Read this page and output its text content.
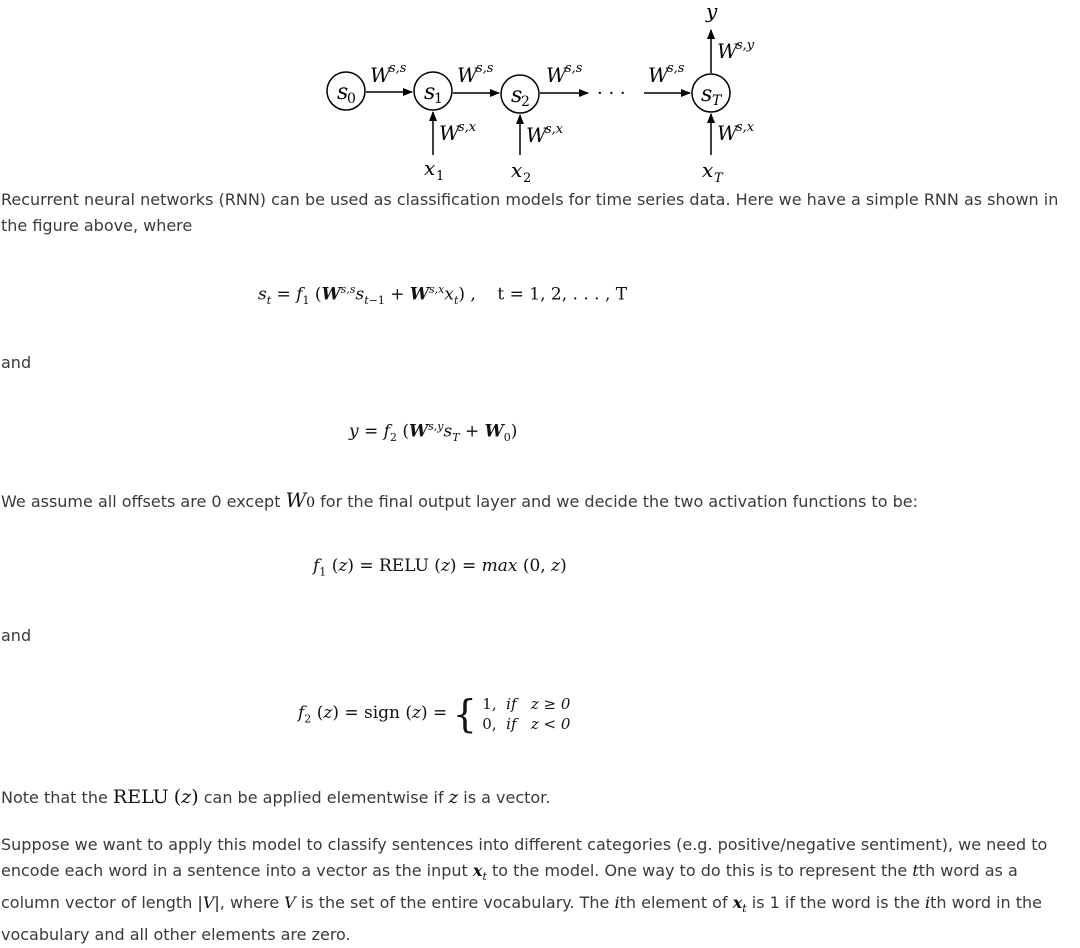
s
0	s
1	s
2	s T
· · ·
W
s,s	W
s,s	W
s,s	W
s,s
W
s,x W
s,x	W
s,x
x 1	x 2	x T
W
s,y
y

Recurrent neural networks (RNN) can be used as classification models for time series data. Here we have a simple RNN as shown in the figure above, where

$s_t = f_1$ $(W^{s,s}s_{t-1} + W^{s,x}x_t)$ ,    t = 1, 2, . . . , T

and

$y = f_2$ $(W^{s,y}s_T + W_0)$

We assume all offsets are 0 except W0 for the final output layer and we decide the two activation functions to be:

$f_1$ (z) = RELU (z) = max (0, z)

and

$f_2$ (z) = sign (z) = { 1, if z ≥ 0
0, if z < 0

Note that the RELU (z) can be applied elementwise if z is a vector.

Suppose we want to apply this model to classify sentences into different categories (e.g. positive/negative sentiment), we need to encode each word in a sentence into a vector as the input $x_t$ to the model. One way to do this is to represent the tth word as a column vector of length |V|, where V is the set of the entire vocabulary. The ith element of $x_t$ is 1 if the word is the ith word in the vocabulary and all other elements are zero.
